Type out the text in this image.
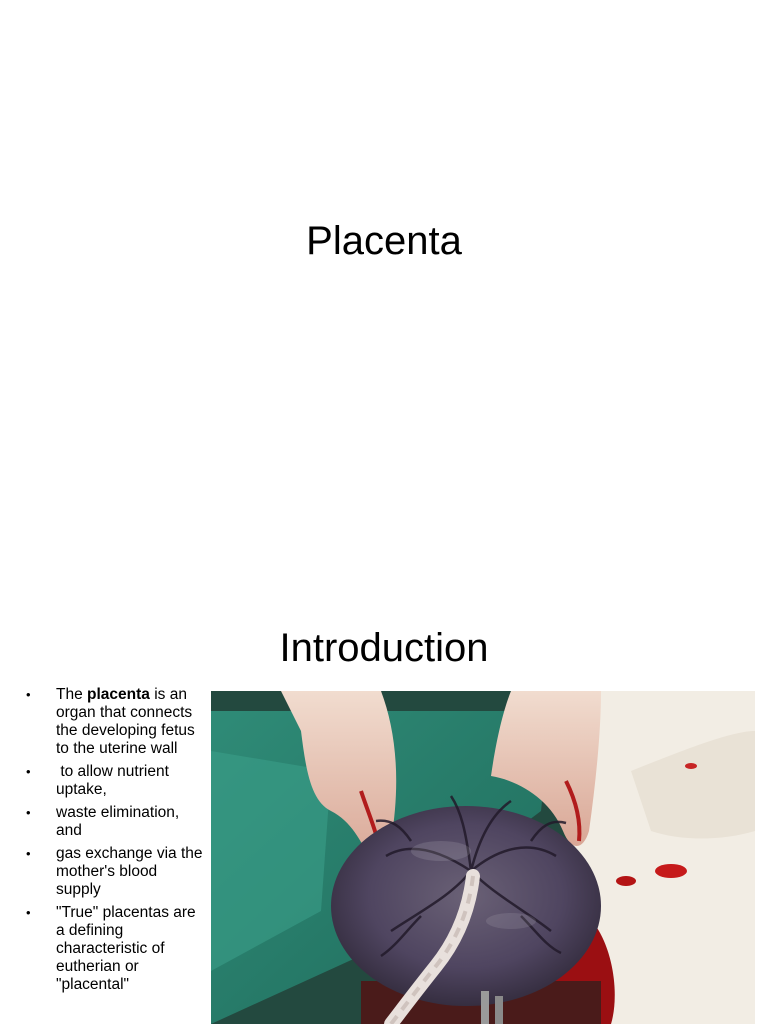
Placenta
Introduction
• The placenta is an organ that connects the developing fetus to the uterine wall
• to allow nutrient uptake,
• waste elimination, and
• gas exchange via the mother's blood supply
• "True" placentas are a defining characteristic of eutherian or "placental"
